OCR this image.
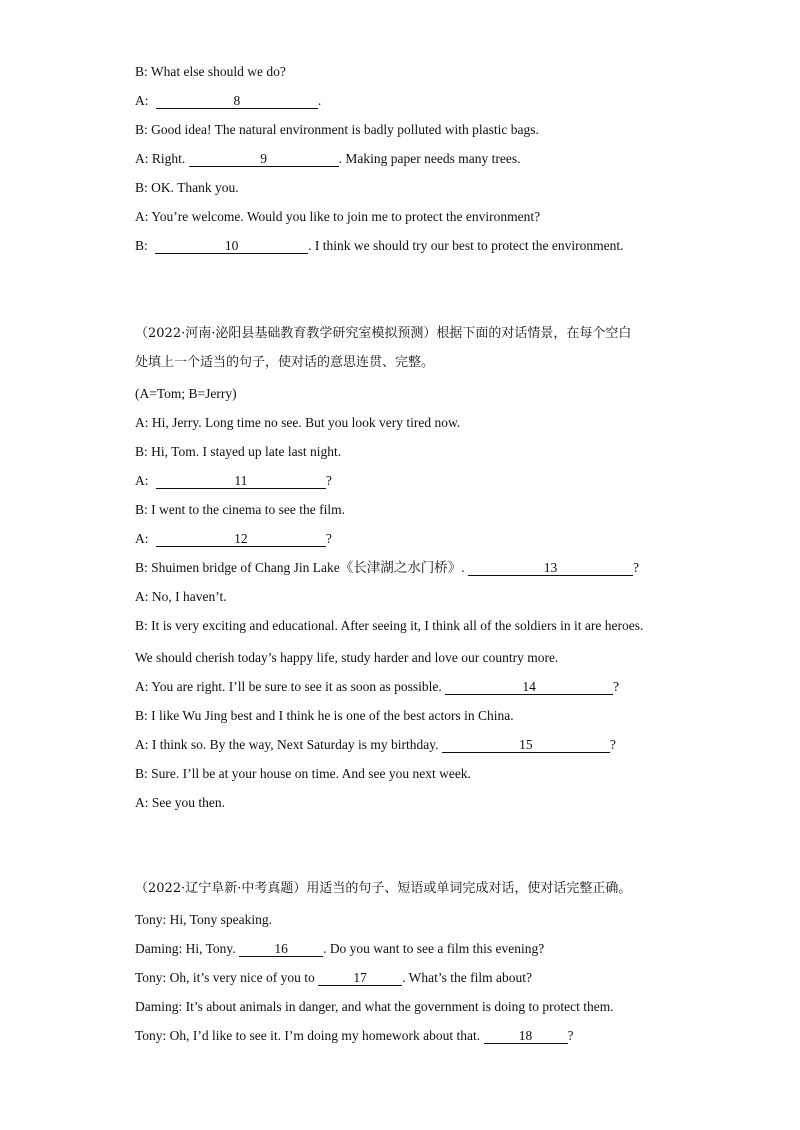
B: What else should we do?
A:	8	.
B: Good idea! The natural environment is badly polluted with plastic bags.
A: Right.	9	. Making paper needs many trees.
B: OK. Thank you.
A: You’re welcome. Would you like to join me to protect the environment?
B:	10	. I think we should try our best to protect the environment.
（2022·河南·泌阳县基础教育教学研究室模拟预测）根据下面的对话情景，在每个空白
处填上一个适当的句子，使对话的意思连贯、完整。
(A=Tom; B=Jerry)
A: Hi, Jerry. Long time no see. But you look very tired now.
B: Hi, Tom. I stayed up late last night.
A:	11	?
B: I went to the cinema to see the film.
A:	12	?
B: Shuimen bridge of Chang Jin Lake《长津湖之水门桥》.	13	?
A: No, I haven’t.
B: It is very exciting and educational. After seeing it, I think all of the soldiers in it are heroes.
We should cherish today’s happy life, study harder and love our country more.
A: You are right. I’ll be sure to see it as soon as possible.	14	?
B: I like Wu Jing best and I think he is one of the best actors in China.
A: I think so. By the way, Next Saturday is my birthday.	15	?
B: Sure. I’ll be at your house on time. And see you next week.
A: See you then.
（2022·辽宁阜新·中考真题）用适当的句子、短语或单词完成对话，使对话完整正确。
Tony: Hi, Tony speaking.
Daming: Hi, Tony.	16	. Do you want to see a film this evening?
Tony: Oh, it’s very nice of you to	17	. What’s the film about?
Daming: It’s about animals in danger, and what the government is doing to protect them.
Tony: Oh, I’d like to see it. I’m doing my homework about that.	18	?
